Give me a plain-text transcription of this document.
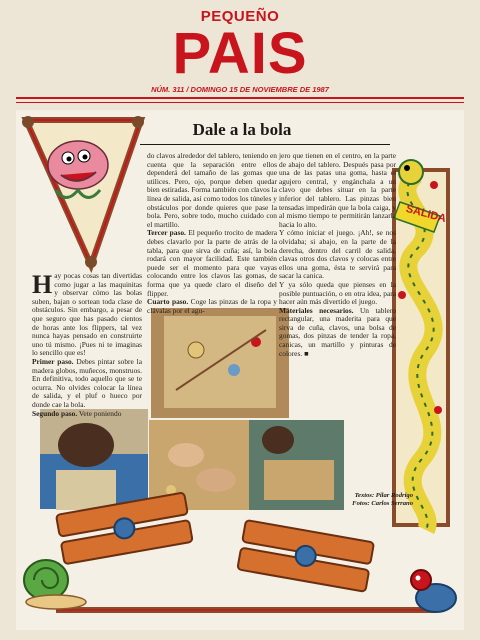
PEQUEÑO
PAIS
NÚM. 311 / DOMINGO 15 DE NOVIEMBRE DE 1987
SALIDA
Dale a la bola
H ay pocas cosas tan divertidas como jugar a las maquinitas y observar cómo las bolas suben, bajan o sortean toda clase de obstáculos. Sin embargo, a pesar de que seguro que has pasado cientos de horas ante los flippers, tal vez nunca hayas pensado en construirte uno tú mismo. ¡Pues ni te imaginas lo sencillo que es!

Primer paso. Debes pintar sobre la madera globos, muñecos, monstruos. En definitiva, todo aquello que se te ocurra. No olvides colocar la línea de salida, y el pluf o hueco por donde cae la bola.

Segundo paso. Vete poniendo

do clavos alrededor del tablero, teniendo en cuenta que la separación entre ellos dependerá del tamaño de las gomas que utilices. Pero, ojo, porque deben quedar bien estiradas. Forma también con clavos la línea de salida, así como todos los túneles y obstáculos por donde quieres que pase la bola. Pero, sobre todo, mucho cuidado con el martillo.

Tercer paso. El pequeño trocito de madera debes clavarlo por la parte de atrás de la tabla, para que sirva de cuña; así, la bola rodará con mayor facilidad. Este también puede ser el momento para que vayas colocando entre los clavos las gomas, de forma que ya quede claro el diseño del flipper.

Cuarto paso. Coge las pinzas de la ropa y clávalas por el agu-

jero que tienen en el centro, en la parte de abajo del tablero. Después pasa por una de las patas una goma, hasta el agujero central, y engánchala a un clavo que debes situar en la parte inferior del tablero. Las pinzas bien tensadas impedirán que la bola caiga, y al mismo tiempo te permitirán lanzarla hacia lo alto.

Y cómo iniciar el juego. ¡Ah!, se nos olvidaba; si abajo, en la parte de la derecha, dentro del carril de salida, clavas otros dos clavos y colocas entre ellos una goma, ésta te servirá para sacar la canica.

Y ya sólo queda que pienses en la posible puntuación, o en otra idea, para hacer aún más divertido el juego.

Materiales necesarios. Un tablero rectangular, una maderita para que sirva de cuña, clavos, una bolsa de gomas, dos pinzas de tender la ropa, canicas, un martillo y pinturas de colores. ■

Textos: Pilar Rodrigo
Fotos: Carlos Serrano
